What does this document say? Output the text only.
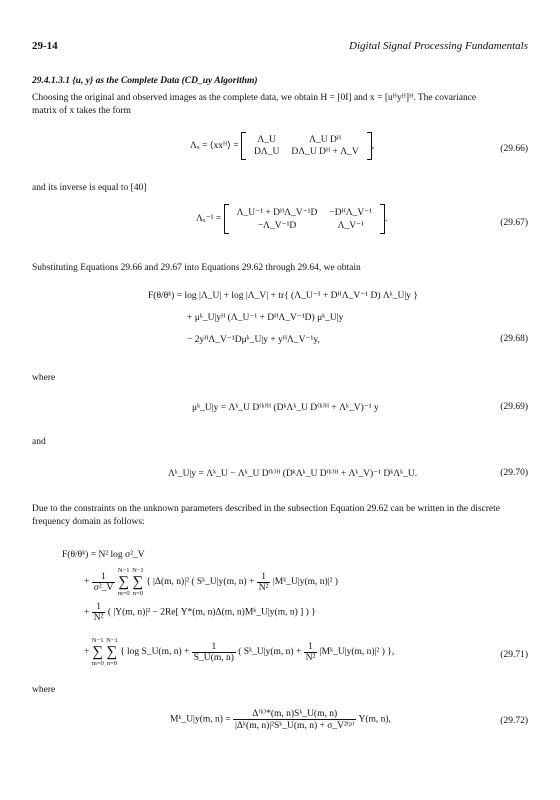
29-14	Digital Signal Processing Fundamentals
29.4.1.3.1 {u, y} as the Complete Data (CD_uy Algorithm)
Choosing the original and observed images as the complete data, we obtain H = [0I] and x = [uᴴyᴴ]ᴴ. The covariance matrix of x takes the form
Λₓ = ⟨xxᴴ⟩ =
Λ_U	Λ_U Dᴴ
DΛ_U	DΛ_U Dᴴ + Λ_V
,	(29.66)
and its inverse is equal to [40]
Λₓ⁻¹ =
Λ_U⁻¹ + DᴴΛ_V⁻¹D	−DᴴΛ_V⁻¹
−Λ_V⁻¹D	Λ_V⁻¹
.	(29.67)
Substituting Equations 29.66 and 29.67 into Equations 29.62 through 29.64, we obtain
F(θ/θᵏ) = log |Λ_U| + log |Λ_V| + tr{ (Λ_U⁻¹ + DᴴΛ_V⁻¹ D) Λᵏ_U|y }
+ μᵏ_U|yᴴ (Λ_U⁻¹ + DᴴΛ_V⁻¹D) μᵏ_U|y
− 2yᴴΛ_V⁻¹Dμᵏ_U|y + yᴴΛ_V⁻¹y,	(29.68)
where
μᵏ_U|y = Λᵏ_U D⁽ᵏ⁾ᴴ (DᵏΛᵏ_U D⁽ᵏ⁾ᴴ + Λᵏ_V)⁻¹ y	(29.69)
and
Λᵏ_U|y = Λᵏ_U − Λᵏ_U D⁽ᵏ⁾ᴴ (DᵏΛᵏ_U D⁽ᵏ⁾ᴴ + Λᵏ_V)⁻¹ DᵏΛᵏ_U.	(29.70)
Due to the constraints on the unknown parameters described in the subsection Equation 29.62 can be written in the discrete frequency domain as follows:
F(θ/θᵏ) = N² log σ²_V
+ $\frac{1}{\text{σ²\_V}}$

N−1
∑
m=0

N−1
∑
n=0
{ |Δ(m, n)|² ( Sᵏ_U|y(m, $n) + \frac{1}{\text{N²}}$ |Mᵏ_U|y(m, n)|² )
+ $\frac{1}{\text{N²}}$ ( |Y(m, n)|² − 2Re[ Y*(m, n)Δ(m, n)Mᵏ_U|y(m, n) ] ) }
+
N−1
∑
m=0

N−1
∑
n=0
{ log S_U(m, $n) + \frac{1}{S\_U(m, n)}$ ( Sᵏ_U|y(m, $n) + \frac{1}{\text{N²}}$ |Mᵏ_U|y(m, n)|² ) },	(29.71)
where
Mᵏ_U|y(m, $n) = \frac{\text{Δ⁽ᵏ⁾*(m, n)Sᵏ\_U(m, n)}}{\text{|Δᵏ(m, n)|²Sᵏ\_U(m, n) + σ\_V²⁽ᵖ⁾}} Y(m$, n),	(29.72)
